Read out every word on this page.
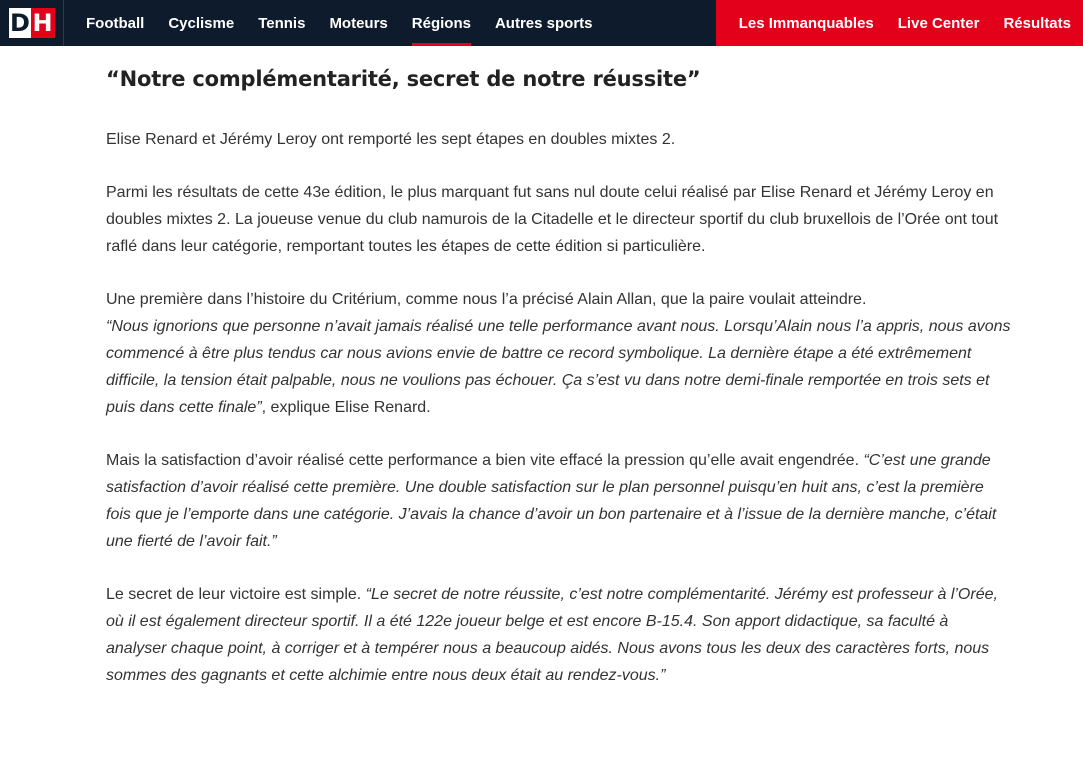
D H	Football	Cyclisme	Tennis	Moteurs	Régions	Autres sports	Les Immanquables	Live Center	Résultats
“Notre complémentarité, secret de notre réussite”

Elise Renard et Jérémy Leroy ont remporté les sept étapes en doubles mixtes 2.

Parmi les résultats de cette 43e édition, le plus marquant fut sans nul doute celui réalisé par Elise Renard et Jérémy Leroy en doubles mixtes 2. La joueuse venue du club namurois de la Citadelle et le directeur sportif du club bruxellois de l’Orée ont tout raflé dans leur catégorie, remportant toutes les étapes de cette édition si particulière.

Une première dans l’histoire du Critérium, comme nous l’a précisé Alain Allan, que la paire voulait atteindre.
“Nous ignorions que personne n’avait jamais réalisé une telle performance avant nous. Lorsqu’Alain nous l’a appris, nous avons commencé à être plus tendus car nous avions envie de battre ce record symbolique. La dernière étape a été extrêmement difficile, la tension était palpable, nous ne voulions pas échouer. Ça s’est vu dans notre demi-finale remportée en trois sets et puis dans cette finale”, explique Elise Renard.

Mais la satisfaction d’avoir réalisé cette performance a bien vite effacé la pression qu’elle avait engendrée. “C’est une grande satisfaction d’avoir réalisé cette première. Une double satisfaction sur le plan personnel puisqu’en huit ans, c’est la première fois que je l’emporte dans une catégorie. J’avais la chance d’avoir un bon partenaire et à l’issue de la dernière manche, c’était une fierté de l’avoir fait.”

Le secret de leur victoire est simple. “Le secret de notre réussite, c’est notre complémentarité. Jérémy est professeur à l’Orée, où il est également directeur sportif. Il a été 122e joueur belge et est encore B-15.4. Son apport didactique, sa faculté à analyser chaque point, à corriger et à tempérer nous a beaucoup aidés. Nous avons tous les deux des caractères forts, nous sommes des gagnants et cette alchimie entre nous deux était au rendez-vous.”
